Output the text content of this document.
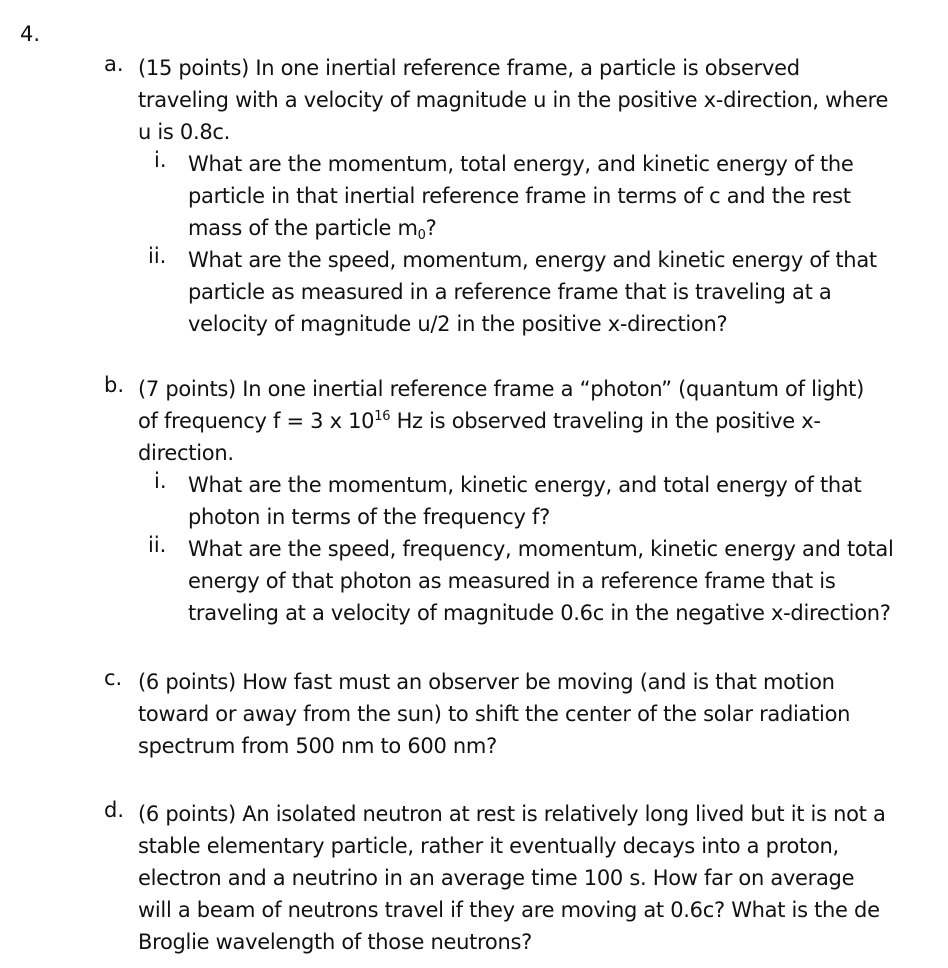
4.
a. (15 points) In one inertial reference frame, a particle is observed
traveling with a velocity of magnitude u in the positive x-direction, where
u is 0.8c.
i. What are the momentum, total energy, and kinetic energy of the
particle in that inertial reference frame in terms of c and the rest
mass of the particle $m_0$?
ii. What are the speed, momentum, energy and kinetic energy of that
particle as measured in a reference frame that is traveling at a
velocity of magnitude u/2 in the positive x-direction?
b. (7 points) In one inertial reference frame a “photon” (quantum of light)
of frequency f = 3 x $10^{16}$ Hz is observed traveling in the positive x-
direction.
i. What are the momentum, kinetic energy, and total energy of that
photon in terms of the frequency f?
ii. What are the speed, frequency, momentum, kinetic energy and total
energy of that photon as measured in a reference frame that is
traveling at a velocity of magnitude 0.6c in the negative x-direction?
c. (6 points) How fast must an observer be moving (and is that motion
toward or away from the sun) to shift the center of the solar radiation
spectrum from 500 nm to 600 nm?
d. (6 points) An isolated neutron at rest is relatively long lived but it is not a
stable elementary particle, rather it eventually decays into a proton,
electron and a neutrino in an average time 100 s. How far on average
will a beam of neutrons travel if they are moving at 0.6c? What is the de
Broglie wavelength of those neutrons?
